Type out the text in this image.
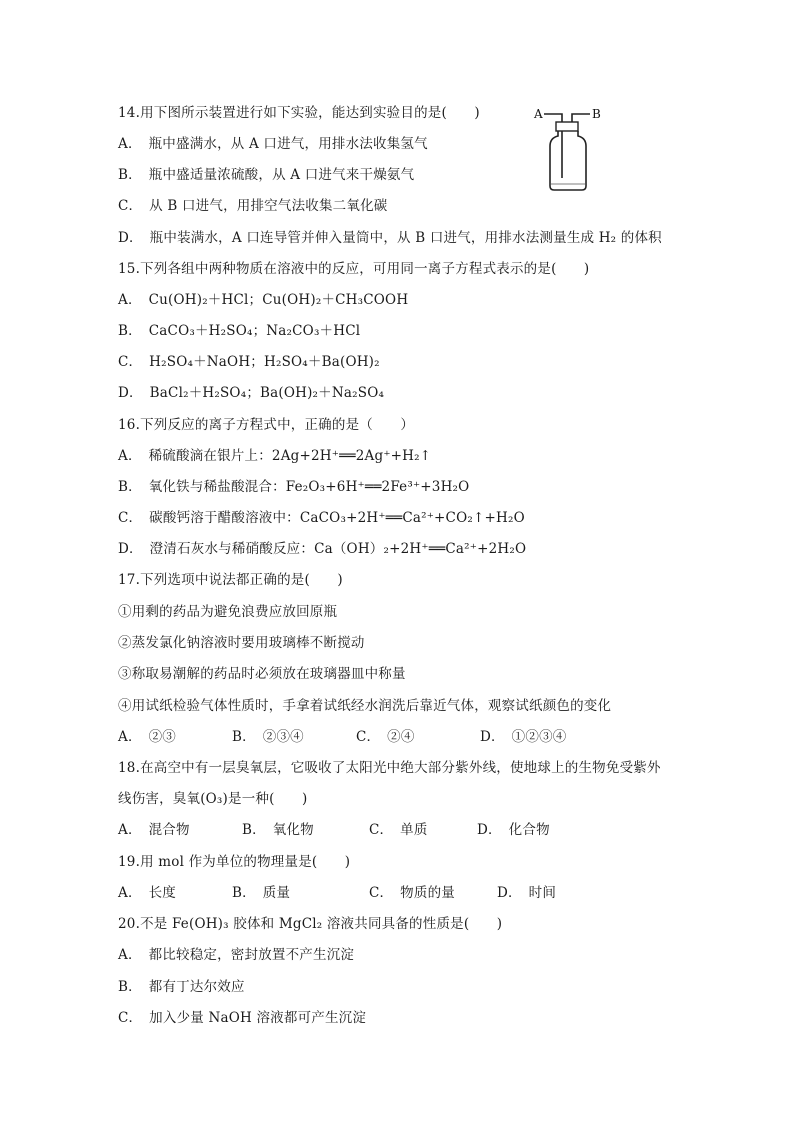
14.用下图所示装置进行如下实验，能达到实验目的是(　　)
A．　瓶中盛满水，从 A 口进气，用排水法收集氢气
B．　瓶中盛适量浓硫酸，从 A 口进气来干燥氨气
C．　从 B 口进气，用排空气法收集二氧化碳
D．　瓶中装满水，A 口连导管并伸入量筒中，从 B 口进气，用排水法测量生成 H₂ 的体积
A	B
15.下列各组中两种物质在溶液中的反应，可用同一离子方程式表示的是(　　)
A．　Cu(OH)₂＋HCl；Cu(OH)₂＋CH₃COOH
B．　CaCO₃＋H₂SO₄；Na₂CO₃＋HCl
C．　H₂SO₄＋NaOH；H₂SO₄＋Ba(OH)₂
D．　BaCl₂＋H₂SO₄；Ba(OH)₂＋Na₂SO₄
16.下列反应的离子方程式中，正确的是（　　）
A．　稀硫酸滴在银片上：2Ag+2H⁺══2Ag⁺+H₂↑
B．　氧化铁与稀盐酸混合：Fe₂O₃+6H⁺══2Fe³⁺+3H₂O
C．　碳酸钙溶于醋酸溶液中：CaCO₃+2H⁺══Ca²⁺+CO₂↑+H₂O
D．　澄清石灰水与稀硝酸反应：Ca（OH）₂+2H⁺══Ca²⁺+2H₂O
17.下列选项中说法都正确的是(　　)
①用剩的药品为避免浪费应放回原瓶
②蒸发氯化钠溶液时要用玻璃棒不断搅动
③称取易潮解的药品时必须放在玻璃器皿中称量
④用试纸检验气体性质时，手拿着试纸经水润洗后靠近气体，观察试纸颜色的变化
A．　②③	B．　②③④	C．　②④	D．　①②③④
18.在高空中有一层臭氧层，它吸收了太阳光中绝大部分紫外线，使地球上的生物免受紫外
线伤害，臭氧(O₃)是一种(　　)
A．　混合物	B．　氧化物	C．　单质	D．　化合物
19.用 mol 作为单位的物理量是(　　)
A．　长度	B．　质量	C．　物质的量	D．　时间
20.不是 Fe(OH)₃ 胶体和 MgCl₂ 溶液共同具备的性质是(　　)
A．　都比较稳定，密封放置不产生沉淀
B．　都有丁达尔效应
C．　加入少量 NaOH 溶液都可产生沉淀
